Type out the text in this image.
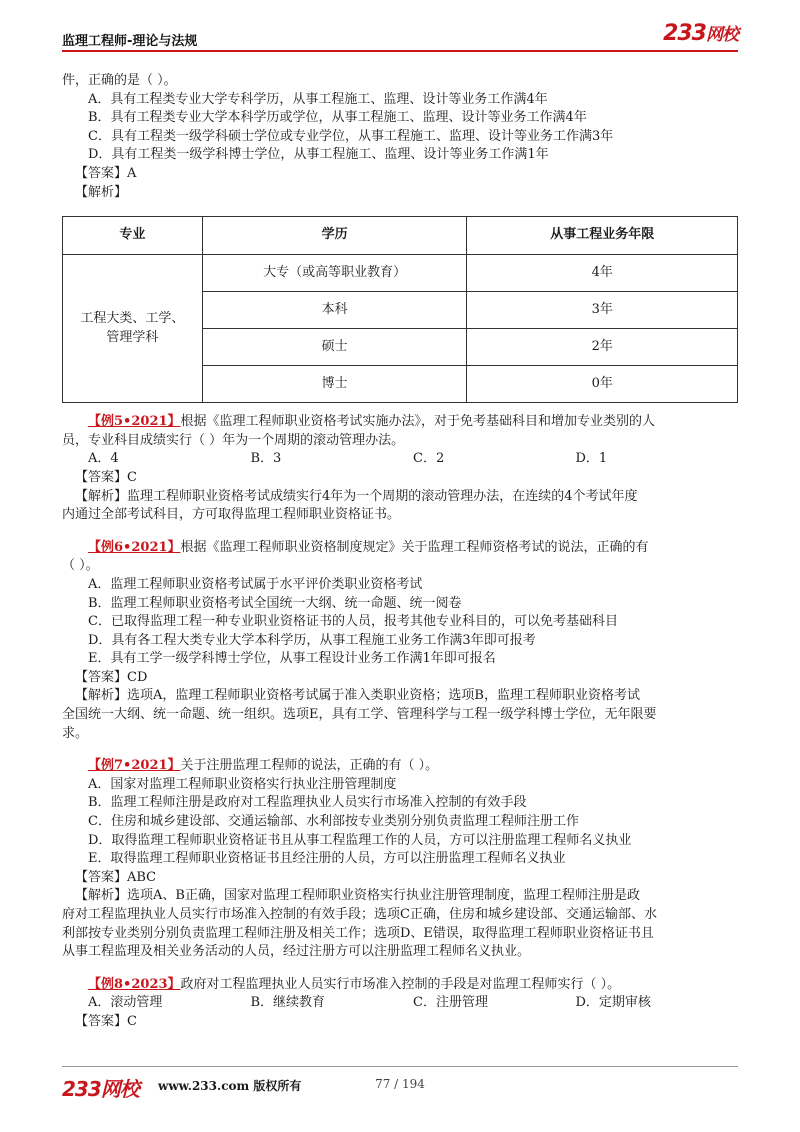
监理工程师-理论与法规	233网校
件，正确的是（ ）。
A．具有工程类专业大学专科学历，从事工程施工、监理、设计等业务工作满4年
B．具有工程类专业大学本科学历或学位，从事工程施工、监理、设计等业务工作满4年
C．具有工程类一级学科硕士学位或专业学位，从事工程施工、监理、设计等业务工作满3年
D．具有工程类一级学科博士学位，从事工程施工、监理、设计等业务工作满1年
【答案】A
【解析】
专业	学历	从事工程业务年限

工程大类、工学、
管理学科	大专（或高等职业教育）	4年
	本科	3年
	硕士	2年
	博士	0年
【例5•2021】根据《监理工程师职业资格考试实施办法》，对于免考基础科目和增加专业类别的人
员，专业科目成绩实行（ ）年为一个周期的滚动管理办法。
A．4	B．3	C．2	D．1
【答案】C
【解析】监理工程师职业资格考试成绩实行4年为一个周期的滚动管理办法，在连续的4个考试年度
内通过全部考试科目，方可取得监理工程师职业资格证书。
【例6•2021】根据《监理工程师职业资格制度规定》关于监理工程师资格考试的说法，正确的有
（ ）。
A．监理工程师职业资格考试属于水平评价类职业资格考试
B．监理工程师职业资格考试全国统一大纲、统一命题、统一阅卷
C．已取得监理工程一种专业职业资格证书的人员，报考其他专业科目的，可以免考基础科目
D．具有各工程大类专业大学本科学历，从事工程施工业务工作满3年即可报考
E．具有工学一级学科博士学位，从事工程设计业务工作满1年即可报名
【答案】CD
【解析】选项A，监理工程师职业资格考试属于准入类职业资格；选项B，监理工程师职业资格考试
全国统一大纲、统一命题、统一组织。选项E，具有工学、管理科学与工程一级学科博士学位，无年限要
求。
【例7•2021】关于注册监理工程师的说法，正确的有（ ）。
A．国家对监理工程师职业资格实行执业注册管理制度
B．监理工程师注册是政府对工程监理执业人员实行市场准入控制的有效手段
C．住房和城乡建设部、交通运输部、水利部按专业类别分别负责监理工程师注册工作
D．取得监理工程师职业资格证书且从事工程监理工作的人员，方可以注册监理工程师名义执业
E．取得监理工程师职业资格证书且经注册的人员，方可以注册监理工程师名义执业
【答案】ABC
【解析】选项A、B正确，国家对监理工程师职业资格实行执业注册管理制度，监理工程师注册是政
府对工程监理执业人员实行市场准入控制的有效手段；选项C正确，住房和城乡建设部、交通运输部、水
利部按专业类别分别负责监理工程师注册及相关工作；选项D、E错误，取得监理工程师职业资格证书且
从事工程监理及相关业务活动的人员，经过注册方可以注册监理工程师名义执业。
【例8•2023】政府对工程监理执业人员实行市场准入控制的手段是对监理工程师实行（ ）。
A．滚动管理	B．继续教育	C．注册管理	D．定期审核
【答案】C
233网校 www.233.com 版权所有	77 / 194
